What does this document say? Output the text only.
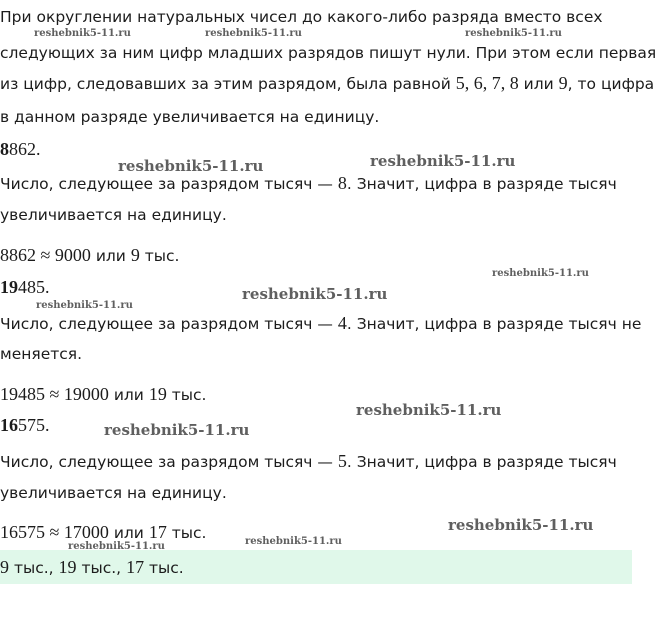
При округлении натуральных чисел до какого-либо разряда вместо всех

следующих за ним цифр младших разрядов пишут нули. При этом если первая

из цифр, следовавших за этим разрядом, была равной 5, 6, 7, 8 или 9, то цифра

в данном разряде увеличивается на единицу.

8862.

Число, следующее за разрядом тысяч — 8. Значит, цифра в разряде тысяч

увеличивается на единицу.

8862 ≈ 9000 или 9 тыс.

19485.

Число, следующее за разрядом тысяч — 4. Значит, цифра в разряде тысяч не

меняется.

19485 ≈ 19000 или 19 тыс.

16575.

Число, следующее за разрядом тысяч — 5. Значит, цифра в разряде тысяч

увеличивается на единицу.

16575 ≈ 17000 или 17 тыс.

9 тыс., 19 тыс., 17 тыс.

reshebnik5-11.ru	reshebnik5-11.ru	reshebnik5-11.ru
reshebnik5-11.ru	reshebnik5-11.ru
reshebnik5-11.ru
reshebnik5-11.ru
reshebnik5-11.ru
reshebnik5-11.ru
reshebnik5-11.ru
reshebnik5-11.ru
reshebnik5-11.ru	reshebnik5-11.ru
